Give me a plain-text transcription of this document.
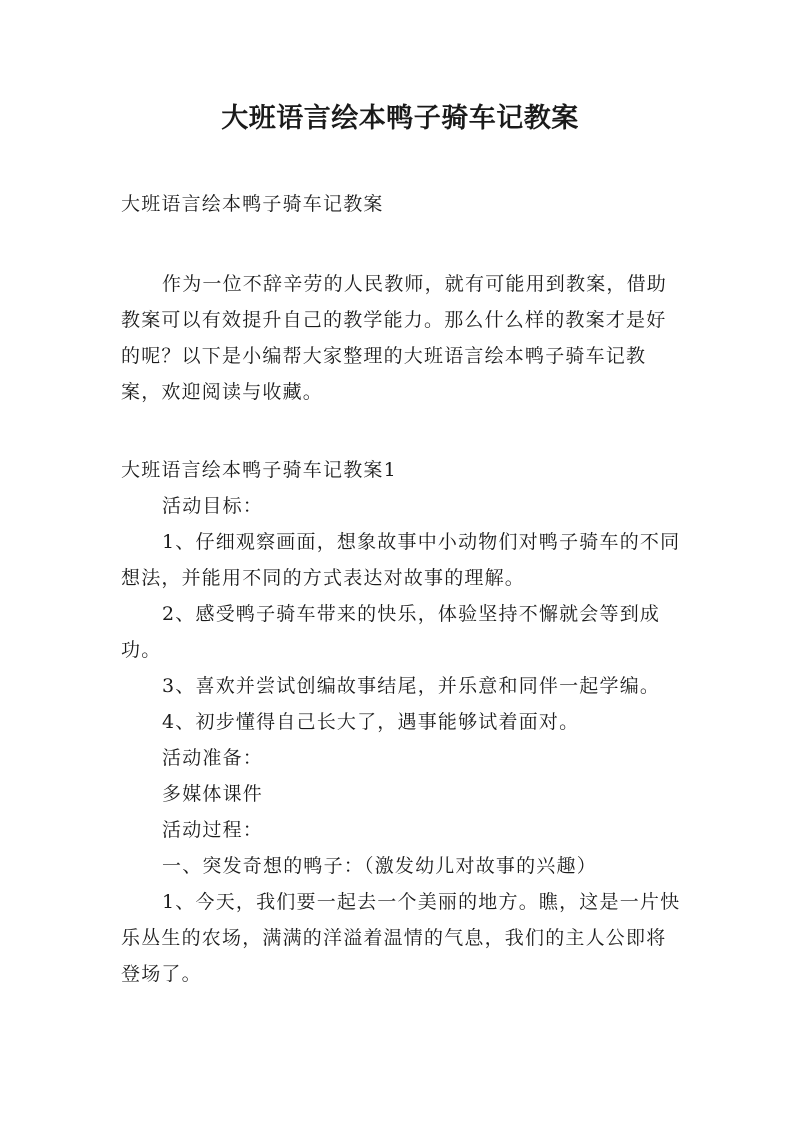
大班语言绘本鸭子骑车记教案

大班语言绘本鸭子骑车记教案

作为一位不辞辛劳的人民教师，就有可能用到教案，借助教案可以有效提升自己的教学能力。那么什么样的教案才是好的呢？以下是小编帮大家整理的大班语言绘本鸭子骑车记教案，欢迎阅读与收藏。

大班语言绘本鸭子骑车记教案1

活动目标：

1、仔细观察画面，想象故事中小动物们对鸭子骑车的不同想法，并能用不同的方式表达对故事的理解。

2、感受鸭子骑车带来的快乐，体验坚持不懈就会等到成功。

3、喜欢并尝试创编故事结尾，并乐意和同伴一起学编。

4、初步懂得自己长大了，遇事能够试着面对。

活动准备：

多媒体课件

活动过程：

一、突发奇想的鸭子：（激发幼儿对故事的兴趣）

1、今天，我们要一起去一个美丽的地方。瞧，这是一片快乐丛生的农场，满满的洋溢着温情的气息，我们的主人公即将登场了。
